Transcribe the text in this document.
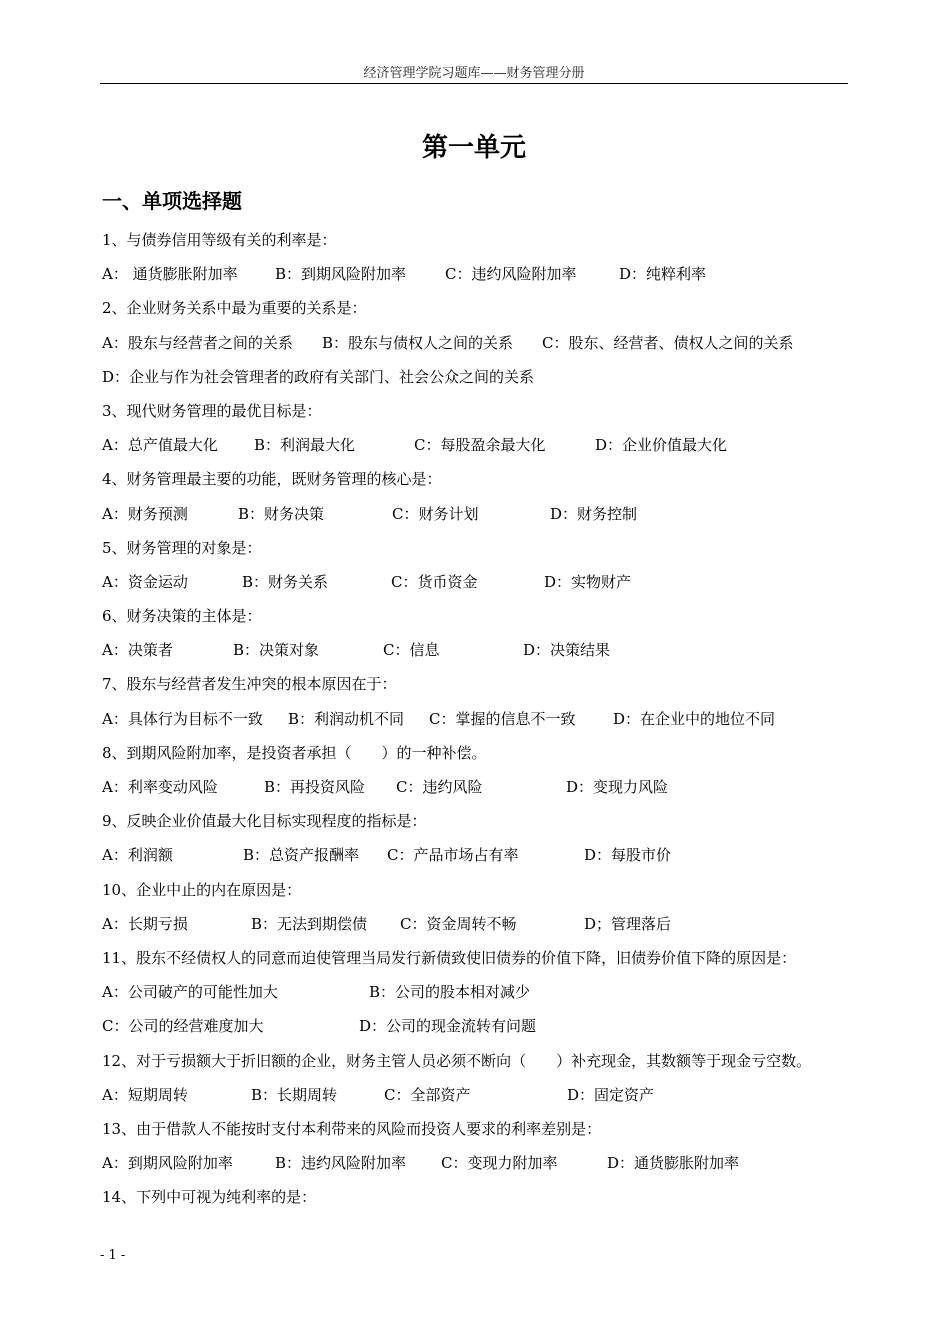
经济管理学院习题库——财务管理分册
第一单元
一、单项选择题
1、与债券信用等级有关的利率是：
A： 通货膨胀附加率 B：到期风险附加率	C：违约风险附加率	D：纯粹利率
2、企业财务关系中最为重要的关系是：
A：股东与经营者之间的关系 B：股东与债权人之间的关系 C：股东、经营者、债权人之间的关系
D：企业与作为社会管理者的政府有关部门、社会公众之间的关系
3、现代财务管理的最优目标是：
A：总产值最大化 B：利润最大化	C：每股盈余最大化	D：企业价值最大化
4、财务管理最主要的功能，既财务管理的核心是：
A：财务预测	B：财务决策	C：财务计划	D：财务控制
5、财务管理的对象是：
A：资金运动	B：财务关系	C：货币资金	D：实物财产
6、财务决策的主体是：
A：决策者	B：决策对象	C：信息	D：决策结果
7、股东与经营者发生冲突的根本原因在于：
A：具体行为目标不一致 B：利润动机不同 C：掌握的信息不一致	D：在企业中的地位不同
8、到期风险附加率，是投资者承担（　　）的一种补偿。
A：利率变动风险	B：再投资风险 C：违约风险	D：变现力风险
9、反映企业价值最大化目标实现程度的指标是：
A：利润额	B：总资产报酬率 C：产品市场占有率	D：每股市价
10、企业中止的内在原因是：
A：长期亏损	B：无法到期偿债 C：资金周转不畅	D；管理落后
11、股东不经债权人的同意而迫使管理当局发行新债致使旧债券的价值下降，旧债券价值下降的原因是：
A：公司破产的可能性加大	B：公司的股本相对减少
C：公司的经营难度加大	D：公司的现金流转有问题
12、对于亏损额大于折旧额的企业，财务主管人员必须不断向（　　）补充现金，其数额等于现金亏空数。
A：短期周转	B：长期周转	C：全部资产	D：固定资产
13、由于借款人不能按时支付本利带来的风险而投资人要求的利率差别是：
A：到期风险附加率	B：违约风险附加率 C：变现力附加率	D：通货膨胀附加率
14、下列中可视为纯利率的是：
- 1 -
